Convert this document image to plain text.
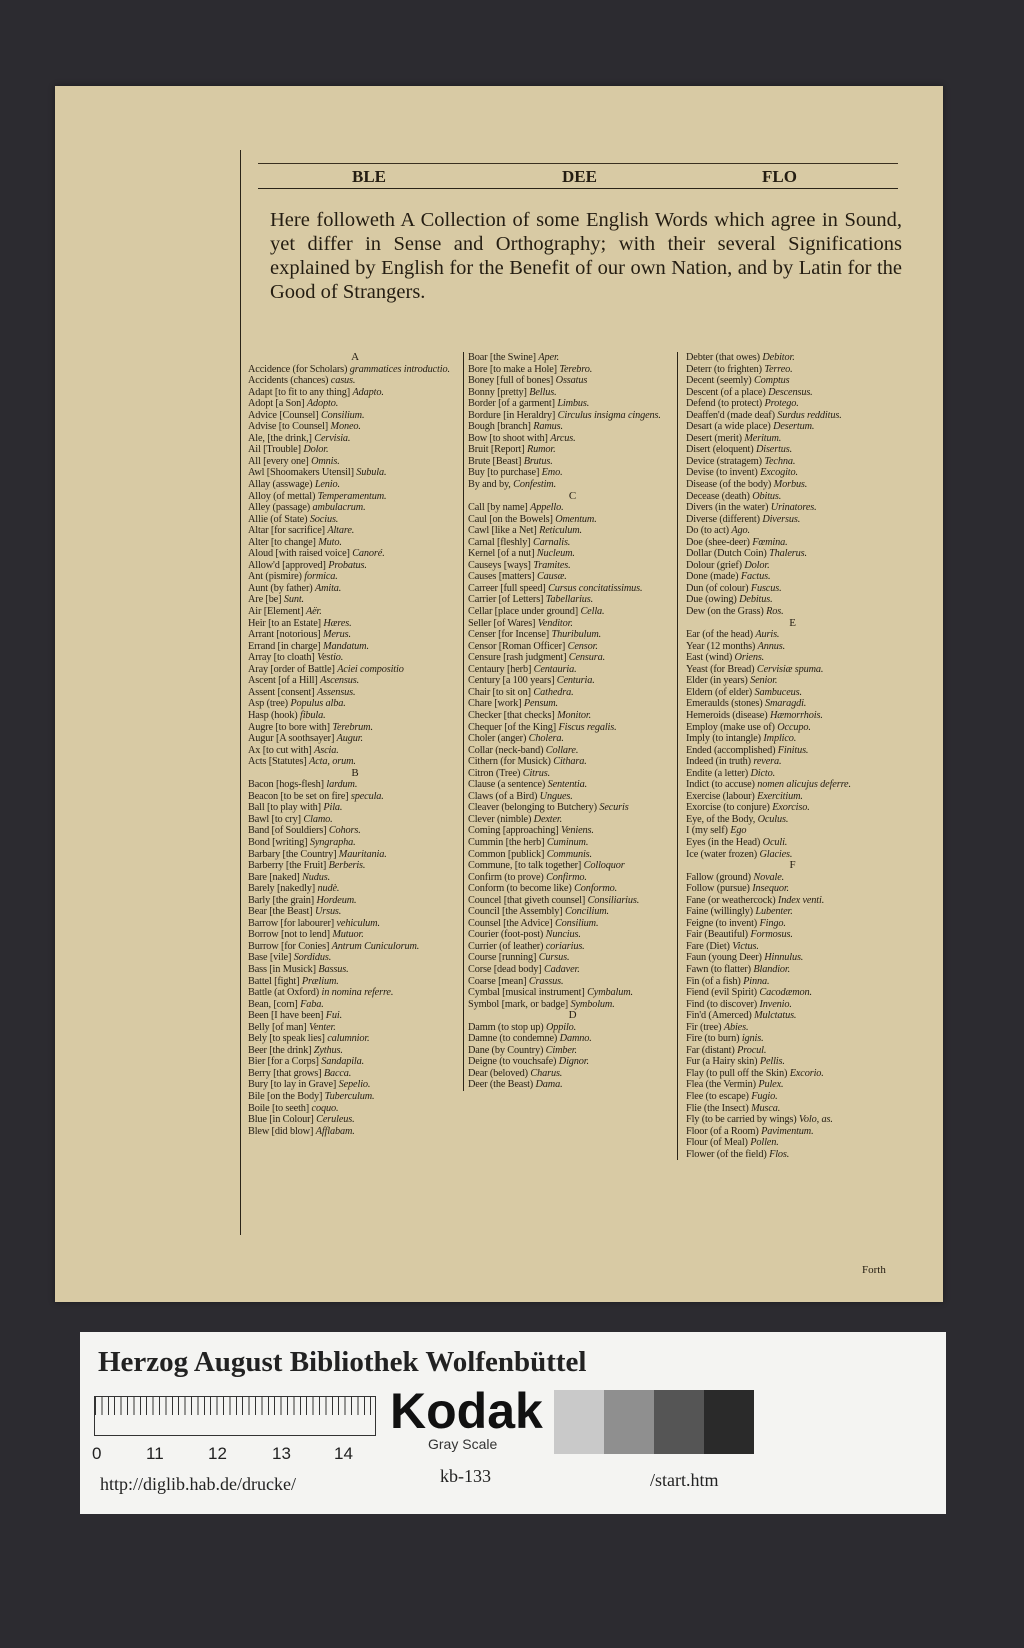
BLE	DEE	FLO
Here followeth A Collection of some English Words which agree in Sound, yet differ in Sense and Orthography; with their several Significations explained by English for the Benefit of our own Nation, and by Latin for the Good of Strangers.
A
Accidence (for Scholars) grammatices introductio.
Accidents (chances) casus.
Adapt [to fit to any thing] Adapto.
Adopt [a Son] Adopto.
Advice [Counsel] Consilium.
Advise [to Counsel] Moneo.
Ale, [the drink,] Cervisia.
Ail [Trouble] Dolor.
All [every one] Omnis.
Awl [Shoomakers Utensil] Subula.
Allay (asswage) Lenio.
Alloy (of mettal) Temperamentum.
Alley (passage) ambulacrum.
Allie (of State) Socius.
Altar [for sacrifice] Altare.
Alter [to change] Muto.
Aloud [with raised voice] Canoré.
Allow'd [approved] Probatus.
Ant (pismire) formica.
Aunt (by father) Amita.
Are [be] Sunt.
Air [Element] Aër.
Heir [to an Estate] Hæres.
Arrant [notorious] Merus.
Errand [in charge] Mandatum.
Array [to cloath] Vestio.
Aray [order of Battle] Aciei compositio
Ascent [of a Hill] Ascensus.
Assent [consent] Assensus.
Asp (tree) Populus alba.
Hasp (hook) fibula.
Augre [to bore with] Terebrum.
Augur [A soothsayer] Augur.
Ax [to cut with] Ascia.
Acts [Statutes] Acta, orum.
B
Bacon [hogs-flesh] lardum.
Beacon [to be set on fire] specula.
Ball [to play with] Pila.
Bawl [to cry] Clamo.
Band [of Souldiers] Cohors.
Bond [writing] Syngrapha.
Barbary [the Country] Mauritania.
Barberry [the Fruit] Berberis.
Bare [naked] Nudus.
Barely [nakedly] nudè.
Barly [the grain] Hordeum.
Bear [the Beast] Ursus.
Barrow [for labourer] vehiculum.
Borrow [not to lend] Mutuor.
Burrow [for Conies] Antrum Cuniculorum.
Base [vile] Sordidus.
Bass [in Musick] Bassus.
Battel [fight] Prælium.
Battle (at Oxford) in nomina referre.
Bean, [corn] Faba.
Been [I have been] Fui.
Belly [of man] Venter.
Bely [to speak lies] calumnior.
Beer [the drink] Zythus.
Bier [for a Corps] Sandapila.
Berry [that grows] Bacca.
Bury [to lay in Grave] Sepelio.
Bile [on the Body] Tuberculum.
Boile [to seeth] coquo.
Blue [in Colour] Ceruleus.
Blew [did blow] Afflabam.
Boar [the Swine] Aper.
Bore [to make a Hole] Terebro.
Boney [full of bones] Ossatus
Bonny [pretty] Bellus.
Border [of a garment] Limbus.
Bordure [in Heraldry] Circulus insigma cingens.
Bough [branch] Ramus.
Bow [to shoot with] Arcus.
Bruit [Report] Rumor.
Brute [Beast] Brutus.
Buy [to purchase] Emo.
By and by, Confestim.
C
Call [by name] Appello.
Caul [on the Bowels] Omentum.
Cawl [like a Net] Reticulum.
Carnal [fleshly] Carnalis.
Kernel [of a nut] Nucleum.
Causeys [ways] Tramites.
Causes [matters] Causæ.
Carreer [full speed] Cursus concitatissimus.
Carrier [of Letters] Tabellarius.
Cellar [place under ground] Cella.
Seller [of Wares] Venditor.
Censer [for Incense] Thuribulum.
Censor [Roman Officer] Censor.
Censure [rash judgment] Censura.
Centaury [herb] Centauria.
Century [a 100 years] Centuria.
Chair [to sit on] Cathedra.
Chare [work] Pensum.
Checker [that checks] Monitor.
Chequer [of the King] Fiscus regalis.
Choler (anger) Cholera.
Collar (neck-band) Collare.
Cithern (for Musick) Cithara.
Citron (Tree) Citrus.
Clause (a sentence) Sententia.
Claws (of a Bird) Ungues.
Cleaver (belonging to Butchery) Securis
Clever (nimble) Dexter.
Coming [approaching] Veniens.
Cummin [the herb] Cuminum.
Common [publick] Communis.
Commune, [to talk together] Colloquor
Confirm (to prove) Confirmo.
Conform (to become like) Conformo.
Councel [that giveth counsel] Consiliarius.
Council [the Assembly] Concilium.
Counsel [the Advice] Consilium.
Courier (foot-post) Nuncius.
Currier (of leather) coriarius.
Course [running] Cursus.
Corse [dead body] Cadaver.
Coarse [mean] Crassus.
Cymbal [musical instrument] Cymbalum.
Symbol [mark, or badge] Symbolum.
D
Damm (to stop up) Oppilo.
Damne (to condemne) Damno.
Dane (by Country) Cimber.
Deigne (to vouchsafe) Dignor.
Dear (beloved) Charus.
Deer (the Beast) Dama.
Debter (that owes) Debitor.
Deterr (to frighten) Terreo.
Decent (seemly) Comptus
Descent (of a place) Descensus.
Defend (to protect) Protego.
Deaffen'd (made deaf) Surdus redditus.
Desart (a wide place) Desertum.
Desert (merit) Meritum.
Disert (eloquent) Disertus.
Device (stratagem) Techna.
Devise (to invent) Excogito.
Disease (of the body) Morbus.
Decease (death) Obitus.
Divers (in the water) Urinatores.
Diverse (different) Diversus.
Do (to act) Ago.
Doe (shee-deer) Fœmina.
Dollar (Dutch Coin) Thalerus.
Dolour (grief) Dolor.
Done (made) Factus.
Dun (of colour) Fuscus.
Due (owing) Debitus.
Dew (on the Grass) Ros.
E
Ear (of the head) Auris.
Year (12 months) Annus.
East (wind) Oriens.
Yeast (for Bread) Cervisiæ spuma.
Elder (in years) Senior.
Eldern (of elder) Sambuceus.
Emeraulds (stones) Smaragdi.
Hemeroids (disease) Hæmorrhois.
Employ (make use of) Occupo.
Imply (to intangle) Implico.
Ended (accomplished) Finitus.
Indeed (in truth) revera.
Endite (a letter) Dicto.
Indict (to accuse) nomen alicujus deferre.
Exercise (labour) Exercitium.
Exorcise (to conjure) Exorciso.
Eye, of the Body, Oculus.
I (my self) Ego
Eyes (in the Head) Oculi.
Ice (water frozen) Glacies.
F
Fallow (ground) Novale.
Follow (pursue) Insequor.
Fane (or weathercock) Index venti.
Faine (willingly) Lubenter.
Feigne (to invent) Fingo.
Fair (Beautiful) Formosus.
Fare (Diet) Victus.
Faun (young Deer) Hinnulus.
Fawn (to flatter) Blandior.
Fin (of a fish) Pinna.
Fiend (evil Spirit) Cacodæmon.
Find (to discover) Invenio.
Fin'd (Amerced) Mulctatus.
Fir (tree) Abies.
Fire (to burn) ignis.
Far (distant) Procul.
Fur (a Hairy skin) Pellis.
Flay (to pull off the Skin) Excorio.
Flea (the Vermin) Pulex.
Flee (to escape) Fugio.
Flie (the Insect) Musca.
Fly (to be carried by wings) Volo, as.
Floor (of a Room) Pavimentum.
Flour (of Meal) Pollen.
Flower (of the field) Flos.
Forth
Herzog August Bibliothek Wolfenbüttel
0	11	12	13	14
Kodak
Gray Scale
http://diglib.hab.de/drucke/	kb-133	/start.htm
